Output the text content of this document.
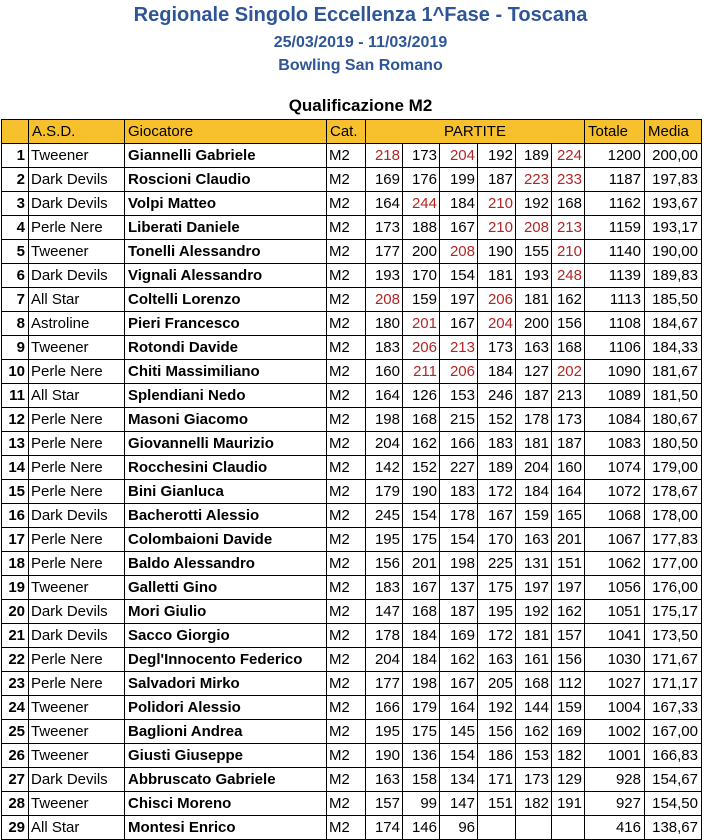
Regionale Singolo Eccellenza 1^Fase - Toscana
25/03/2019 - 11/03/2019
Bowling San Romano
Qualificazione M2
	A.S.D.	Giocatore	Cat.	PARTITE						Totale	Media
1	Tweener	Giannelli Gabriele	M2	218	173	204	192	189	224	1200	200,00
2	Dark Devils	Roscioni Claudio	M2	169	176	199	187	223	233	1187	197,83
3	Dark Devils	Volpi Matteo	M2	164	244	184	210	192	168	1162	193,67
4	Perle Nere	Liberati Daniele	M2	173	188	167	210	208	213	1159	193,17
5	Tweener	Tonelli Alessandro	M2	177	200	208	190	155	210	1140	190,00
6	Dark Devils	Vignali Alessandro	M2	193	170	154	181	193	248	1139	189,83
7	All Star	Coltelli Lorenzo	M2	208	159	197	206	181	162	1113	185,50
8	Astroline	Pieri Francesco	M2	180	201	167	204	200	156	1108	184,67
9	Tweener	Rotondi Davide	M2	183	206	213	173	163	168	1106	184,33
10	Perle Nere	Chiti Massimiliano	M2	160	211	206	184	127	202	1090	181,67
11	All Star	Splendiani Nedo	M2	164	126	153	246	187	213	1089	181,50
12	Perle Nere	Masoni Giacomo	M2	198	168	215	152	178	173	1084	180,67
13	Perle Nere	Giovannelli Maurizio	M2	204	162	166	183	181	187	1083	180,50
14	Perle Nere	Rocchesini Claudio	M2	142	152	227	189	204	160	1074	179,00
15	Perle Nere	Bini Gianluca	M2	179	190	183	172	184	164	1072	178,67
16	Dark Devils	Bacherotti Alessio	M2	245	154	178	167	159	165	1068	178,00
17	Perle Nere	Colombaioni Davide	M2	195	175	154	170	163	201	1067	177,83
18	Perle Nere	Baldo Alessandro	M2	156	201	198	225	131	151	1062	177,00
19	Tweener	Galletti Gino	M2	183	167	137	175	197	197	1056	176,00
20	Dark Devils	Mori Giulio	M2	147	168	187	195	192	162	1051	175,17
21	Dark Devils	Sacco Giorgio	M2	178	184	169	172	181	157	1041	173,50
22	Perle Nere	Degl'Innocento Federico	M2	204	184	162	163	161	156	1030	171,67
23	Perle Nere	Salvadori Mirko	M2	177	198	167	205	168	112	1027	171,17
24	Tweener	Polidori Alessio	M2	166	179	164	192	144	159	1004	167,33
25	Tweener	Baglioni Andrea	M2	195	175	145	156	162	169	1002	167,00
26	Tweener	Giusti Giuseppe	M2	190	136	154	186	153	182	1001	166,83
27	Dark Devils	Abbruscato Gabriele	M2	163	158	134	171	173	129	928	154,67
28	Tweener	Chisci Moreno	M2	157	99	147	151	182	191	927	154,50
29	All Star	Montesi Enrico	M2	174	146	96				416	138,67
